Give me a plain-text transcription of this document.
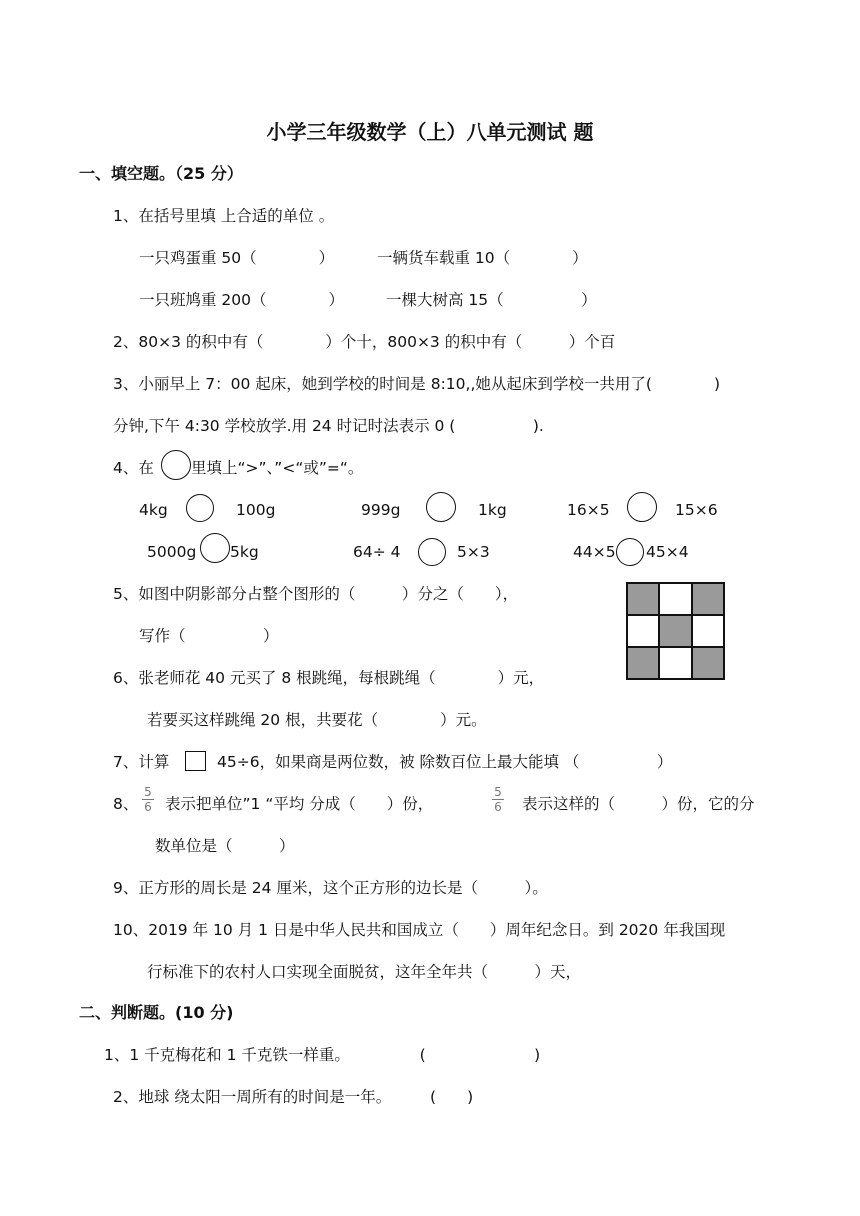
小学三年级数学（上）八单元测试 题
一、填空题。（25 分）
1、在括号里填 上合适的单位 。
一只鸡蛋重 50（　　　　）	一辆货车载重 10（　　　　）
一只班鸠重 200（　　　　）	一棵大树高 15（　　　　　）
2、80×3 的积中有（　　　　）个十，800×3 的积中有（　　　）个百
3、小丽早上 7：00 起床，她到学校的时间是 8:10,,她从起床到学校一共用了(　　　　)
分钟,下午 4:30 学校放学.用 24 时记时法表示 0 (　　　　　).
4、在 里填上“>”、”<“或”=“。
4kg	100g	999g	1kg	16×5	15×6
5000g 5kg	64÷ 4	5×3	44×5 45×4
5、如图中阴影部分占整个图形的（　　　）分之（　　），
写作（　　　　　）
6、张老师花 40 元买了 8 根跳绳，每根跳绳（　　　　）元，
若要买这样跳绳 20 根，共要花（　　　　）元。
7、计算	45÷6，如果商是两位数，被 除数百位上最大能填 （　　　　　）
8、
5
6 表示把单位”1 “平均 分成（　　）份，
5
6 表示这样的（　　　）份，它的分
数单位是（　　　）
9、正方形的周长是 24 厘米，这个正方形的边长是（　　　）。
10、2019 年 10 月 1 日是中华人民共和国成立（　　）周年纪念日。到 2020 年我国现
行标准下的农村人口实现全面脱贫，这年全年共（　　　）天，
二、判断题。(10 分)
1、1 千克梅花和 1 千克铁一样重。　　　　　(　　　　　　　)
2、地球 绕太阳一周所有的时间是一年。　　　(　　)
